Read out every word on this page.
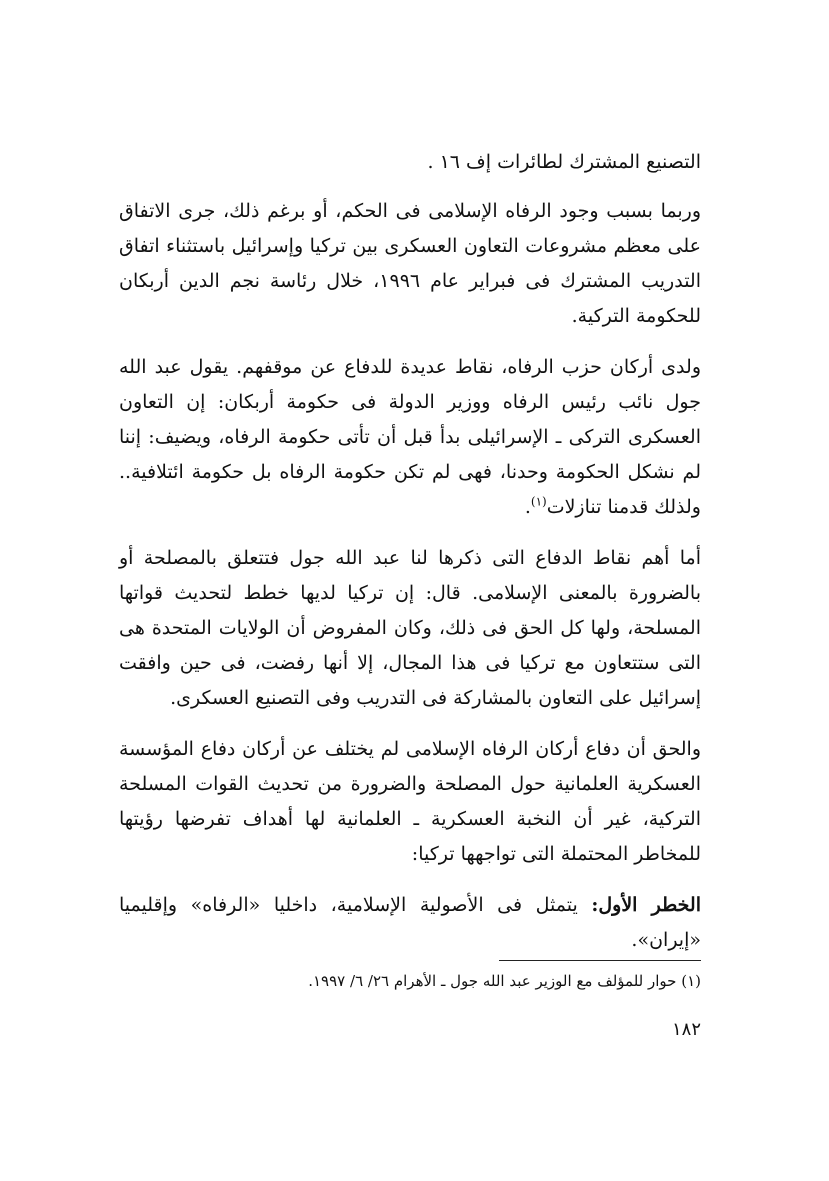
التصنيع المشترك لطائرات إف ١٦ .

وربما بسبب وجود الرفاه الإسلامى فى الحكم، أو برغم ذلك، جرى الاتفاق على معظم مشروعات التعاون العسكرى بين تركيا وإسرائيل باستثناء اتفاق التدريب المشترك فى فبراير عام ١٩٩٦، خلال رئاسة نجم الدين أربكان للحكومة التركية.

ولدى أركان حزب الرفاه، نقاط عديدة للدفاع عن موقفهم. يقول عبد الله جول نائب رئيس الرفاه ووزير الدولة فى حكومة أربكان: إن التعاون العسكرى التركى ـ الإسرائيلى بدأ قبل أن تأتى حكومة الرفاه، ويضيف: إننا لم نشكل الحكومة وحدنا، فهى لم تكن حكومة الرفاه بل حكومة ائتلافية.. ولذلك قدمنا تنازلات$^{(١)}$.

أما أهم نقاط الدفاع التى ذكرها لنا عبد الله جول فتتعلق بالمصلحة أو بالضرورة بالمعنى الإسلامى. قال: إن تركيا لديها خطط لتحديث قواتها المسلحة، ولها كل الحق فى ذلك، وكان المفروض أن الولايات المتحدة هى التى ستتعاون مع تركيا فى هذا المجال، إلا أنها رفضت، فى حين وافقت إسرائيل على التعاون بالمشاركة فى التدريب وفى التصنيع العسكرى.

والحق أن دفاع أركان الرفاه الإسلامى لم يختلف عن أركان دفاع المؤسسة العسكرية العلمانية حول المصلحة والضرورة من تحديث القوات المسلحة التركية، غير أن النخبة العسكرية ـ العلمانية لها أهداف تفرضها رؤيتها للمخاطر المحتملة التى تواجهها تركيا:

الخطر الأول: يتمثل فى الأصولية الإسلامية، داخليا «الرفاه» وإقليميا «إيران».

(١) حوار للمؤلف مع الوزير عبد الله جول ـ الأهرام ٢٦/ ٦/ ١٩٩٧.
١٨٢
